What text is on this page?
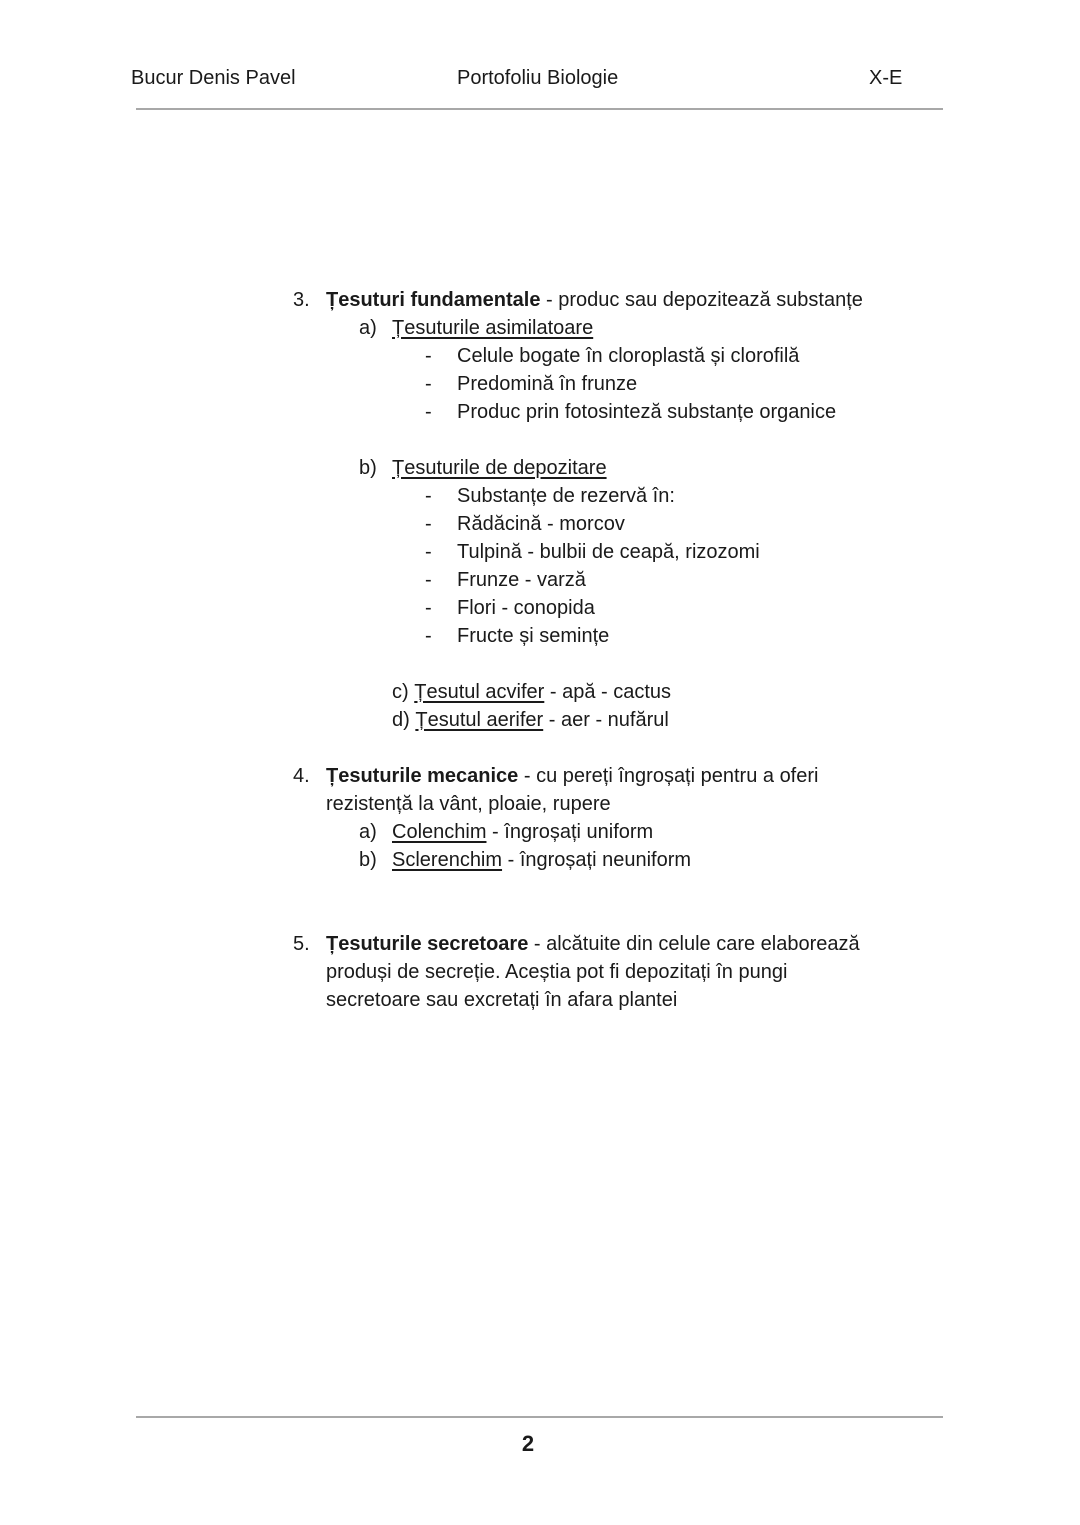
Bucur Denis Pavel	Portofoliu Biologie	X-E
3. Țesuturi fundamentale - produc sau depozitează substanțe
a) Țesuturile asimilatoare
- Celule bogate în cloroplastă și clorofilă
- Predomină în frunze
- Produc prin fotosinteză substanțe organice
b) Țesuturile de depozitare
- Substanțe de rezervă în:
- Rădăcină - morcov
- Tulpină - bulbii de ceapă, rizozomi
- Frunze - varză
- Flori - conopida
- Fructe și semințe
c) Țesutul acvifer - apă - cactus
d) Țesutul aerifer - aer - nufărul
4. Țesuturile mecanice - cu pereți îngroșați pentru a oferi
rezistență la vânt, ploaie, rupere
a) Colenchim - îngroșați uniform
b) Sclerenchim - îngroșați neuniform
5. Țesuturile secretoare - alcătuite din celule care elaborează
produși de secreție. Aceștia pot fi depozitați în pungi
secretoare sau excretați în afara plantei
2
